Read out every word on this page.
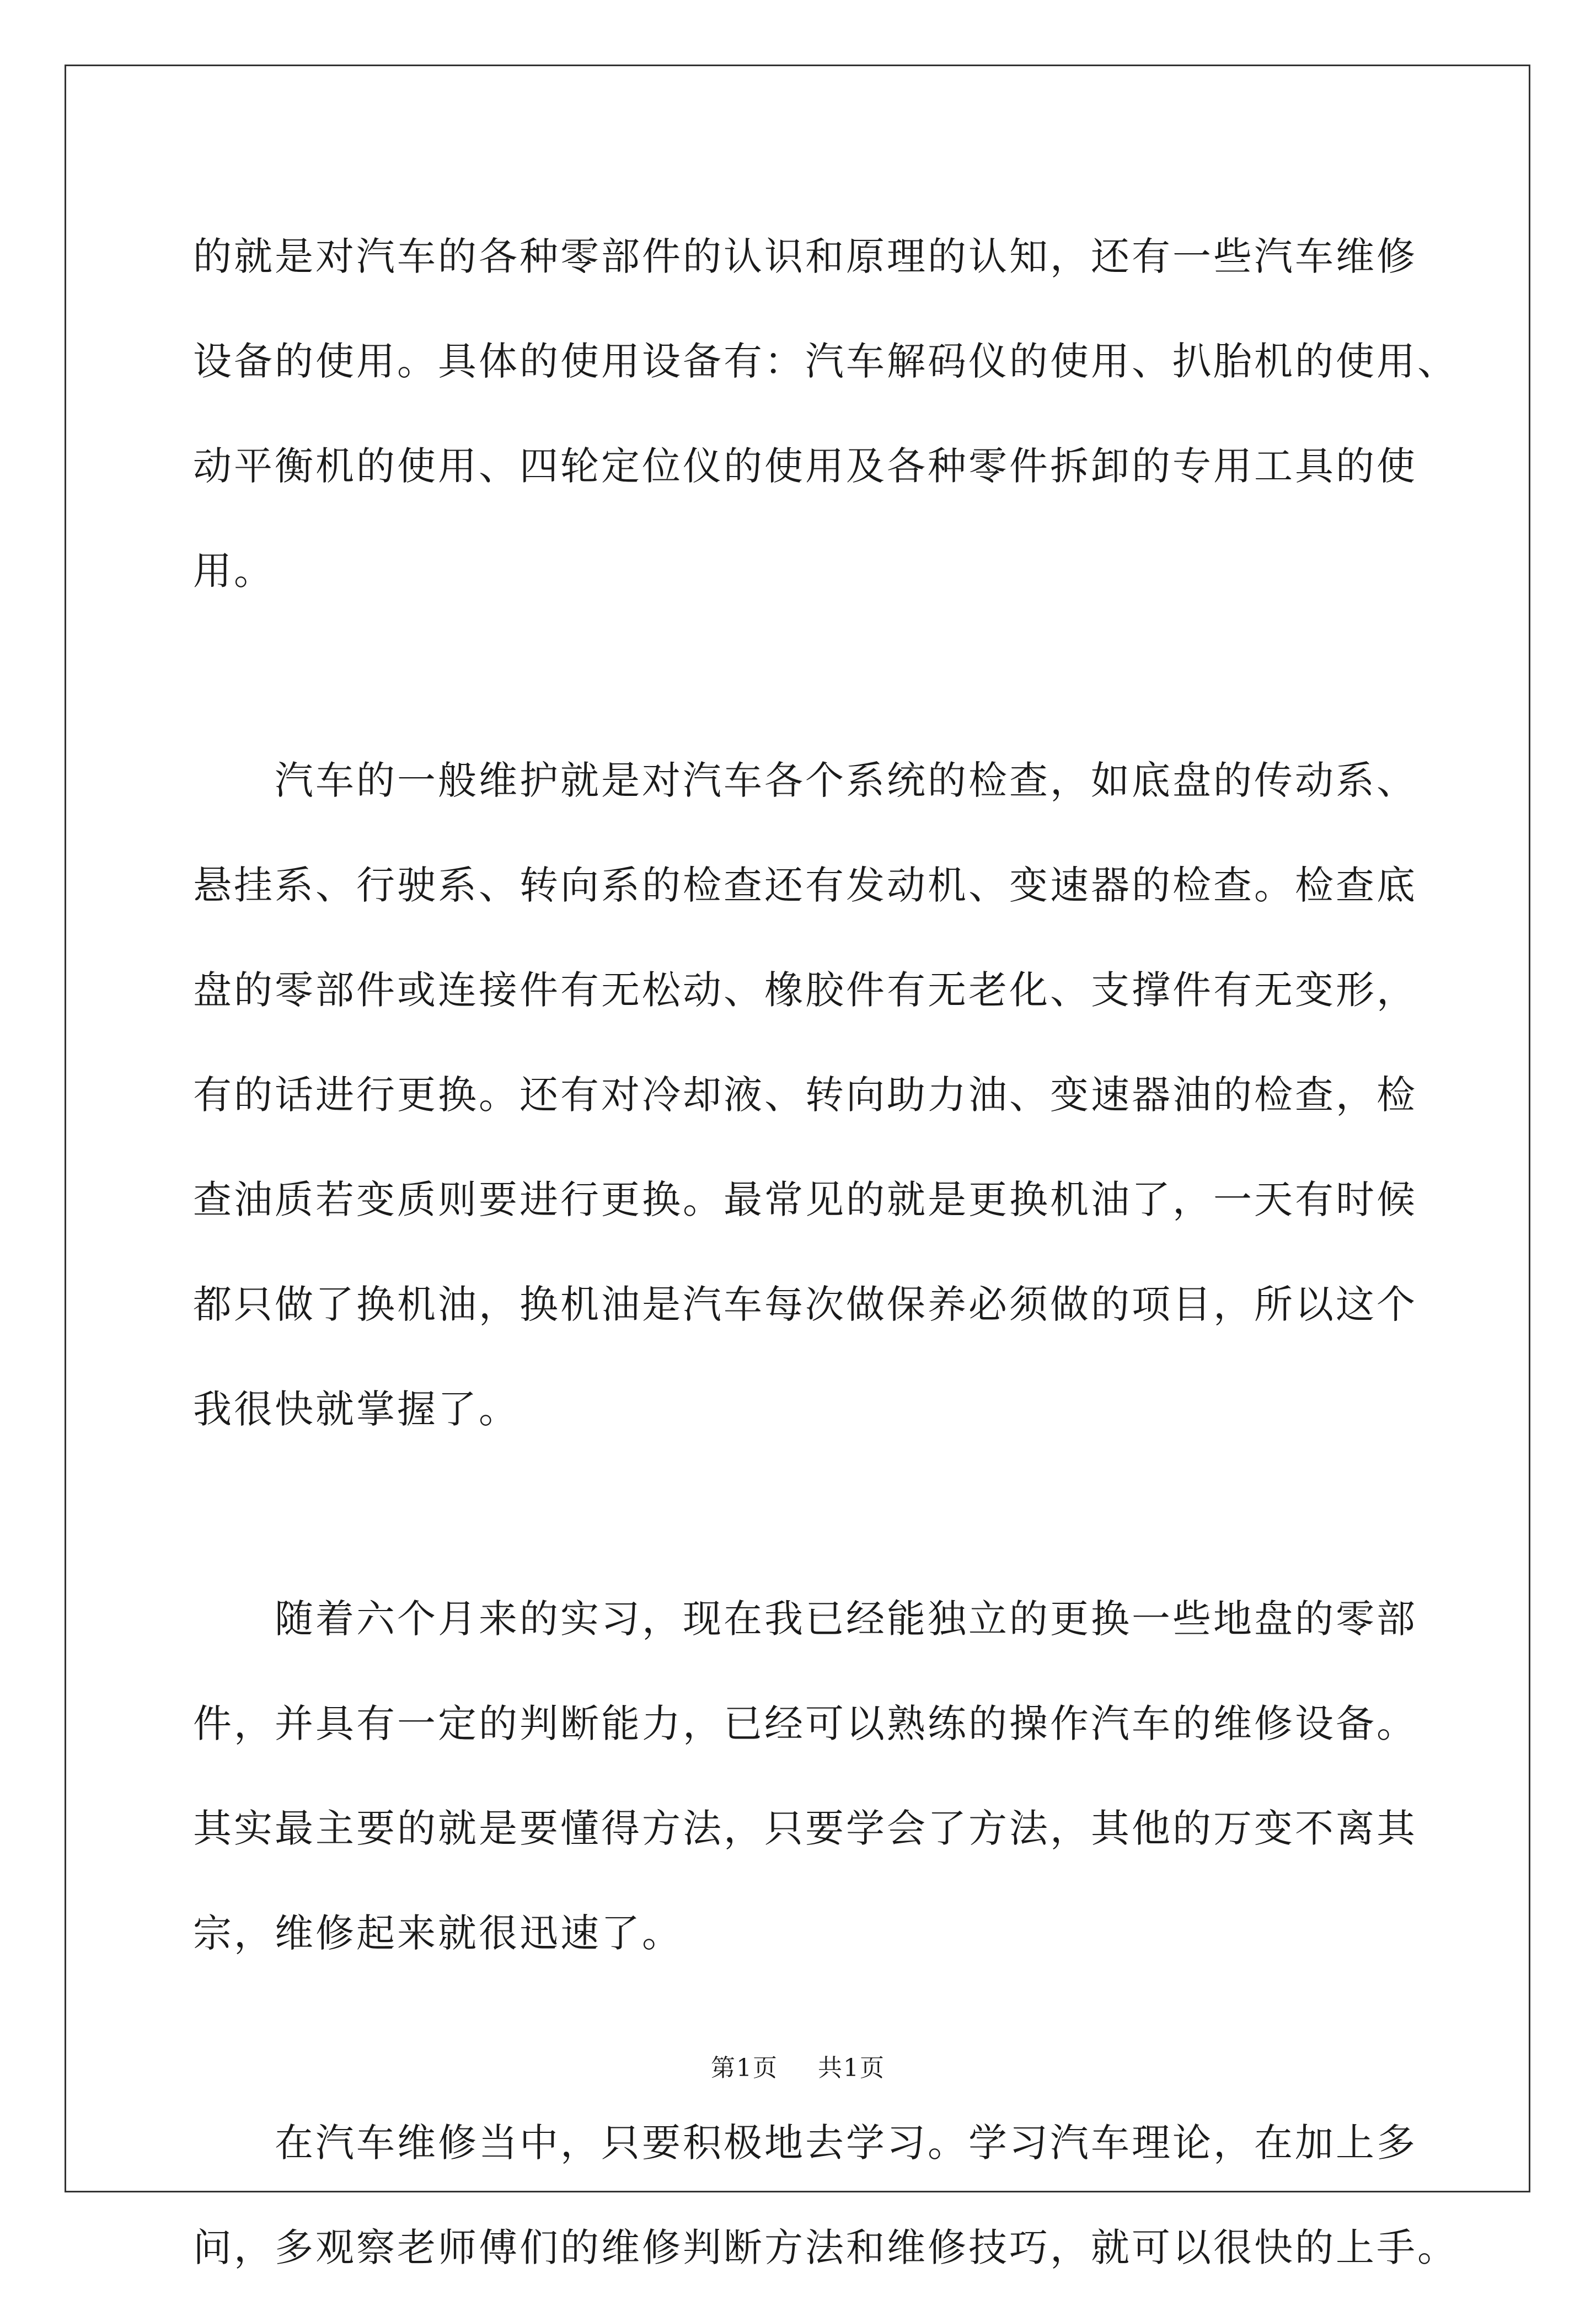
的就是对汽车的各种零部件的认识和原理的认知，还有一些汽车维修
设备的使用。具体的使用设备有：汽车解码仪的使用、扒胎机的使用、
动平衡机的使用、四轮定位仪的使用及各种零件拆卸的专用工具的使
用。
汽车的一般维护就是对汽车各个系统的检查，如底盘的传动系、
悬挂系、行驶系、转向系的检查还有发动机、变速器的检查。检查底
盘的零部件或连接件有无松动、橡胶件有无老化、支撑件有无变形，
有的话进行更换。还有对冷却液、转向助力油、变速器油的检查，检
查油质若变质则要进行更换。最常见的就是更换机油了，一天有时候
都只做了换机油，换机油是汽车每次做保养必须做的项目，所以这个
我很快就掌握了。
随着六个月来的实习，现在我已经能独立的更换一些地盘的零部
件，并具有一定的判断能力，已经可以熟练的操作汽车的维修设备。
其实最主要的就是要懂得方法，只要学会了方法，其他的万变不离其
宗，维修起来就很迅速了。
在汽车维修当中，只要积极地去学习。学习汽车理论，在加上多
问，多观察老师傅们的维修判断方法和维修技巧，就可以很快的上手。
第1页 共1页
